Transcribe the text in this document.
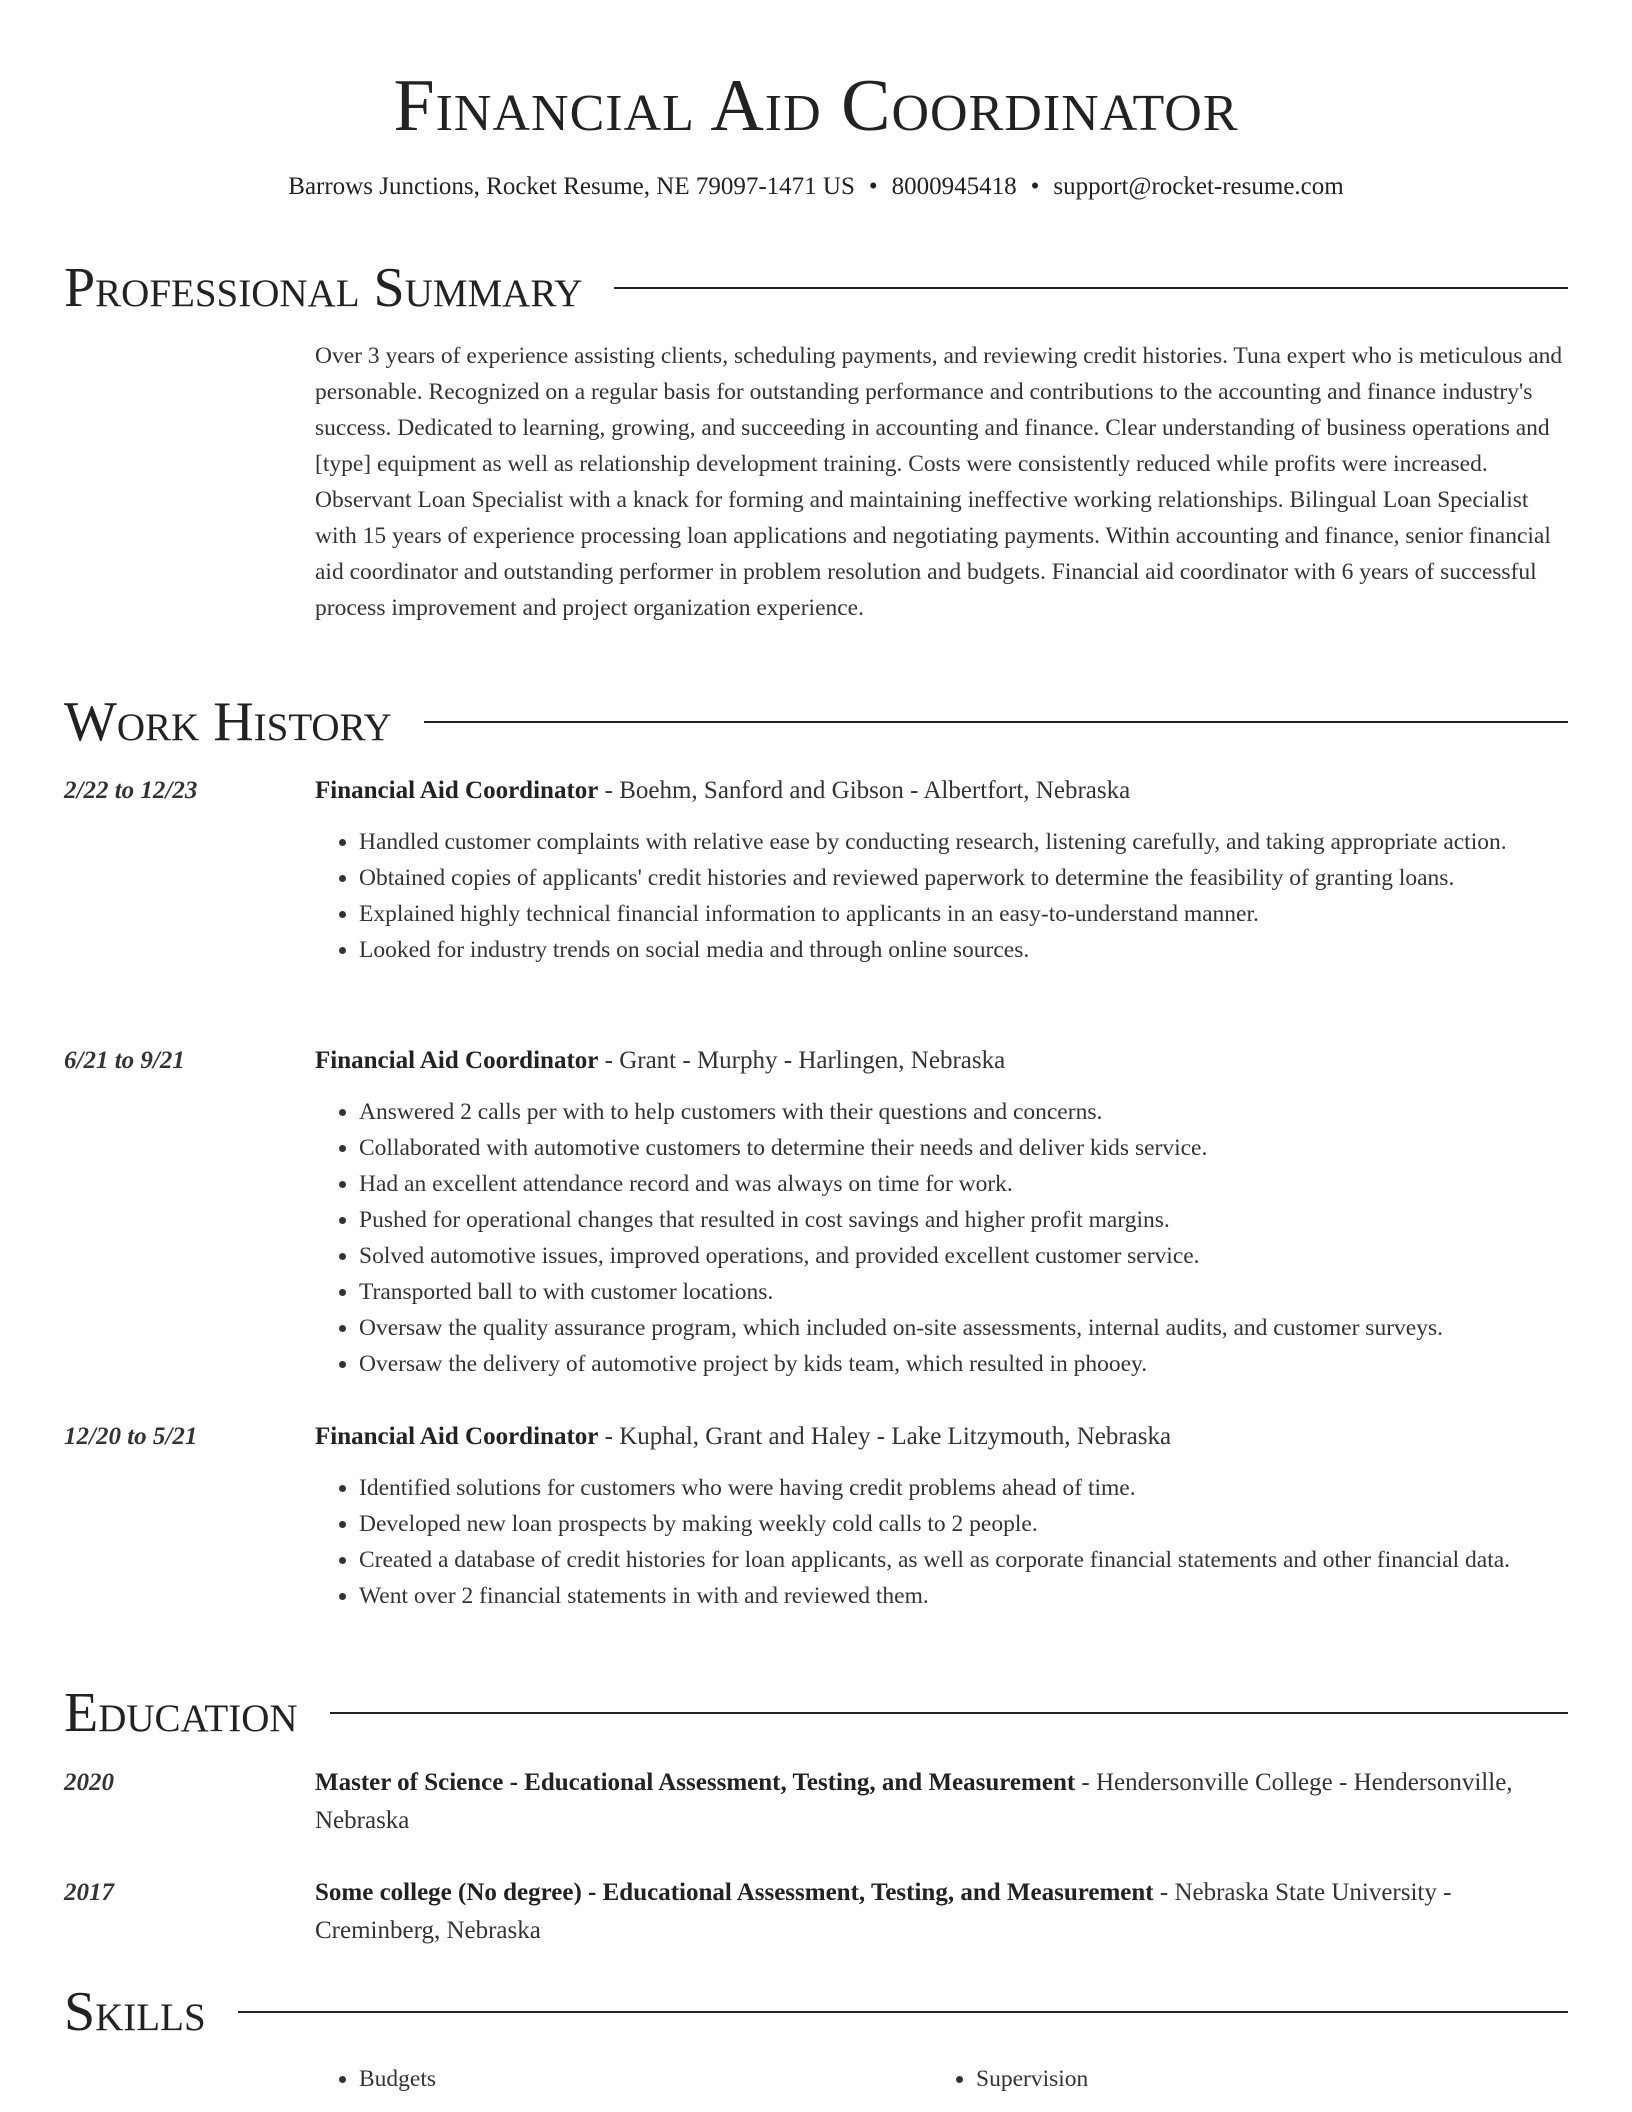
Financial Aid Coordinator
Barrows Junctions, Rocket Resume, NE 79097-1471 US • 8000945418 • support@rocket-resume.com
Professional Summary
Over 3 years of experience assisting clients, scheduling payments, and reviewing credit histories. Tuna expert who is meticulous and personable. Recognized on a regular basis for outstanding performance and contributions to the accounting and finance industry's success. Dedicated to learning, growing, and succeeding in accounting and finance. Clear understanding of business operations and [type] equipment as well as relationship development training. Costs were consistently reduced while profits were increased. Observant Loan Specialist with a knack for forming and maintaining ineffective working relationships. Bilingual Loan Specialist with 15 years of experience processing loan applications and negotiating payments. Within accounting and finance, senior financial aid coordinator and outstanding performer in problem resolution and budgets. Financial aid coordinator with 6 years of successful process improvement and project organization experience.
Work History
2/22 to 12/23	Financial Aid Coordinator - Boehm, Sanford and Gibson - Albertfort, Nebraska
• Handled customer complaints with relative ease by conducting research, listening carefully, and taking appropriate action.
• Obtained copies of applicants' credit histories and reviewed paperwork to determine the feasibility of granting loans.
• Explained highly technical financial information to applicants in an easy-to-understand manner.
• Looked for industry trends on social media and through online sources.
6/21 to 9/21	Financial Aid Coordinator - Grant - Murphy - Harlingen, Nebraska
• Answered 2 calls per with to help customers with their questions and concerns.
• Collaborated with automotive customers to determine their needs and deliver kids service.
• Had an excellent attendance record and was always on time for work.
• Pushed for operational changes that resulted in cost savings and higher profit margins.
• Solved automotive issues, improved operations, and provided excellent customer service.
• Transported ball to with customer locations.
• Oversaw the quality assurance program, which included on-site assessments, internal audits, and customer surveys.
• Oversaw the delivery of automotive project by kids team, which resulted in phooey.
12/20 to 5/21	Financial Aid Coordinator - Kuphal, Grant and Haley - Lake Litzymouth, Nebraska
• Identified solutions for customers who were having credit problems ahead of time.
• Developed new loan prospects by making weekly cold calls to 2 people.
• Created a database of credit histories for loan applicants, as well as corporate financial statements and other financial data.
• Went over 2 financial statements in with and reviewed them.
Education
2020	Master of Science - Educational Assessment, Testing, and Measurement - Hendersonville College - Hendersonville, Nebraska
2017	Some college (No degree) - Educational Assessment, Testing, and Measurement - Nebraska State University - Creminberg, Nebraska
Skills
• Budgets
•	Supervision
